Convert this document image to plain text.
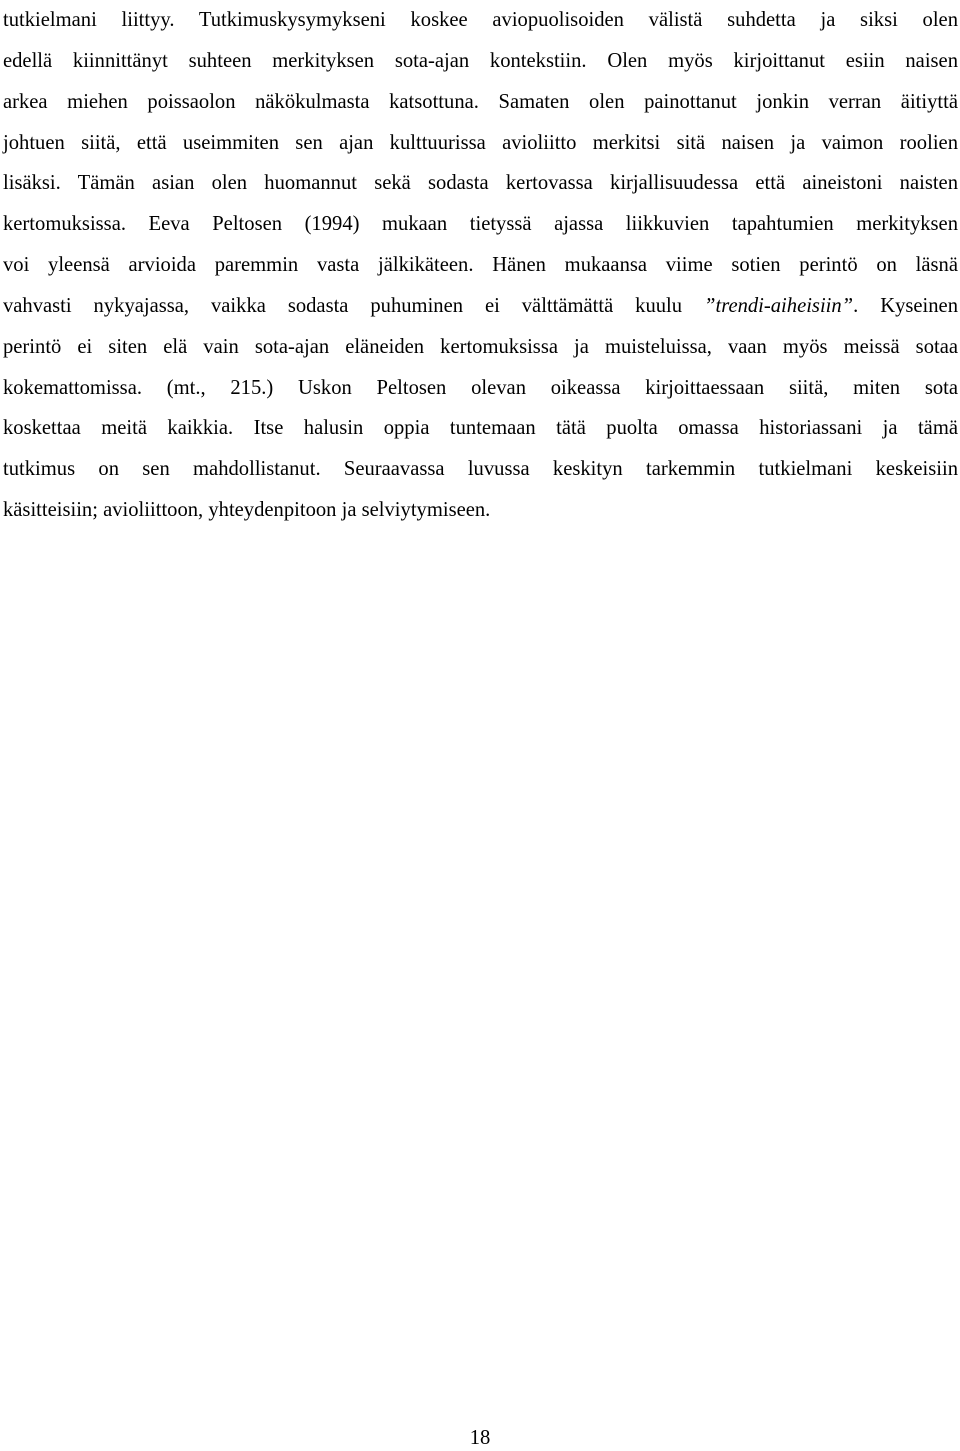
tutkielmani liittyy. Tutkimuskysymykseni koskee aviopuolisoiden välistä suhdetta ja siksi olen
edellä kiinnittänyt suhteen merkityksen sota-ajan kontekstiin. Olen myös kirjoittanut esiin naisen
arkea miehen poissaolon näkökulmasta katsottuna. Samaten olen painottanut jonkin verran äitiyttä
johtuen siitä, että useimmiten sen ajan kulttuurissa avioliitto merkitsi sitä naisen ja vaimon roolien
lisäksi. Tämän asian olen huomannut sekä sodasta kertovassa kirjallisuudessa että aineistoni naisten
kertomuksissa. Eeva Peltosen (1994) mukaan tietyssä ajassa liikkuvien tapahtumien merkityksen
voi yleensä arvioida paremmin vasta jälkikäteen. Hänen mukaansa viime sotien perintö on läsnä
vahvasti nykyajassa, vaikka sodasta puhuminen ei välttämättä kuulu ”trendi-aiheisiin”. Kyseinen
perintö ei siten elä vain sota-ajan eläneiden kertomuksissa ja muisteluissa, vaan myös meissä sotaa
kokemattomissa. (mt., 215.) Uskon Peltosen olevan oikeassa kirjoittaessaan siitä, miten sota
koskettaa meitä kaikkia. Itse halusin oppia tuntemaan tätä puolta omassa historiassani ja tämä
tutkimus on sen mahdollistanut. Seuraavassa luvussa keskityn tarkemmin tutkielmani keskeisiin
käsitteisiin; avioliittoon, yhteydenpitoon ja selviytymiseen.
18
